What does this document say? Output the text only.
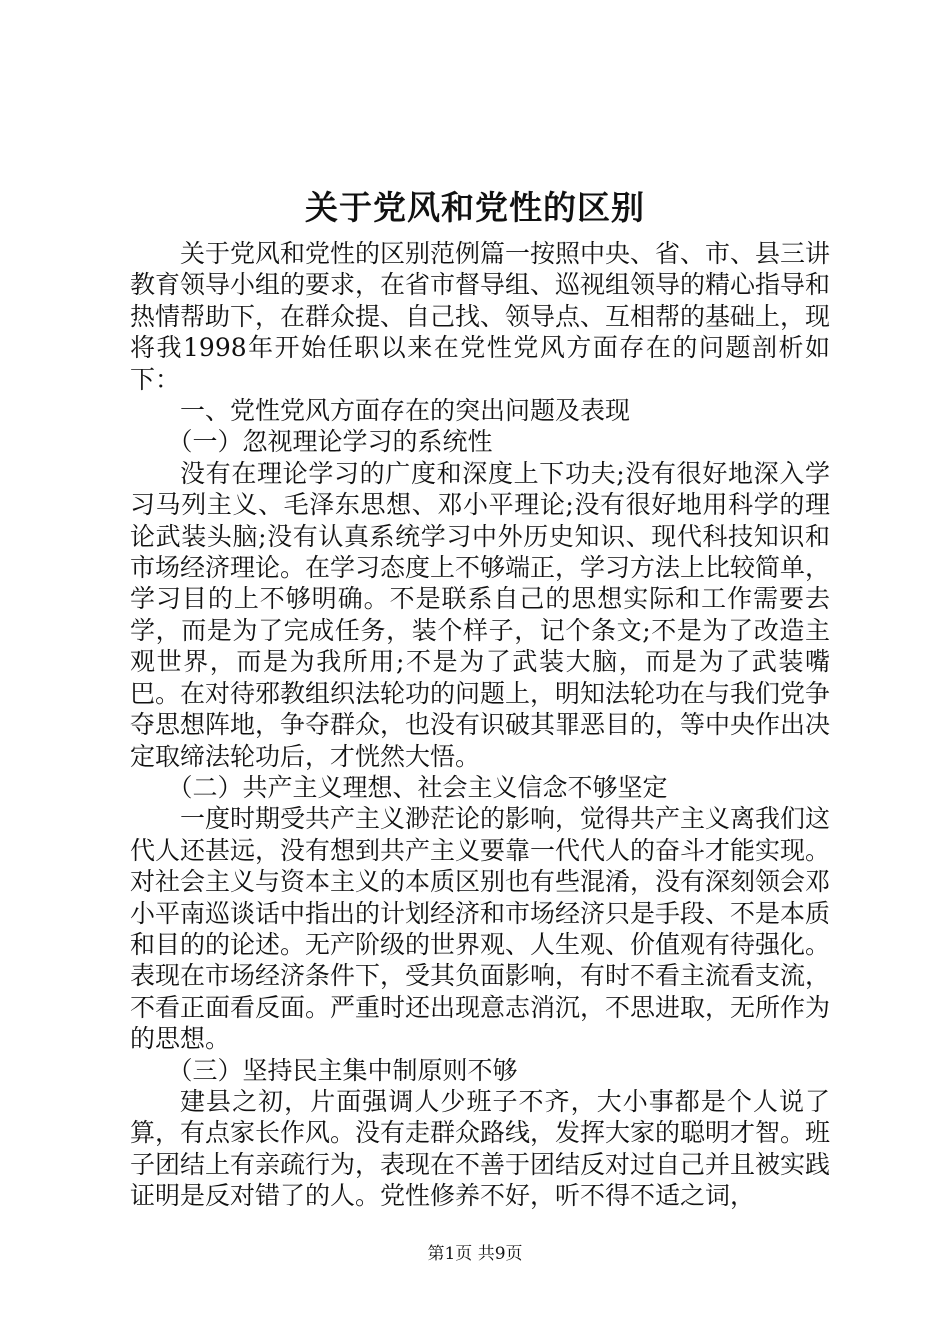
关于党风和党性的区别

关于党风和党性的区别范例篇一按照中央、省、市、县三讲教育领导小组的要求，在省市督导组、巡视组领导的精心指导和热情帮助下，在群众提、自己找、领导点、互相帮的基础上，现将我1998年开始任职以来在党性党风方面存在的问题剖析如下：

一、党性党风方面存在的突出问题及表现

（一）忽视理论学习的系统性

没有在理论学习的广度和深度上下功夫;没有很好地深入学习马列主义、毛泽东思想、邓小平理论;没有很好地用科学的理论武装头脑;没有认真系统学习中外历史知识、现代科技知识和市场经济理论。在学习态度上不够端正，学习方法上比较简单，学习目的上不够明确。不是联系自己的思想实际和工作需要去学，而是为了完成任务，装个样子，记个条文;不是为了改造主观世界，而是为我所用;不是为了武装大脑，而是为了武装嘴巴。在对待邪教组织法轮功的问题上，明知法轮功在与我们党争夺思想阵地，争夺群众，也没有识破其罪恶目的，等中央作出决定取缔法轮功后，才恍然大悟。

（二）共产主义理想、社会主义信念不够坚定

一度时期受共产主义渺茫论的影响，觉得共产主义离我们这代人还甚远，没有想到共产主义要靠一代代人的奋斗才能实现。对社会主义与资本主义的本质区别也有些混淆，没有深刻领会邓小平南巡谈话中指出的计划经济和市场经济只是手段、不是本质和目的的论述。无产阶级的世界观、人生观、价值观有待强化。表现在市场经济条件下，受其负面影响，有时不看主流看支流，不看正面看反面。严重时还出现意志消沉，不思进取，无所作为的思想。

（三）坚持民主集中制原则不够

建县之初，片面强调人少班子不齐，大小事都是个人说了算，有点家长作风。没有走群众路线，发挥大家的聪明才智。班子团结上有亲疏行为，表现在不善于团结反对过自己并且被实践证明是反对错了的人。党性修养不好，听不得不适之词，

第1页 共9页
